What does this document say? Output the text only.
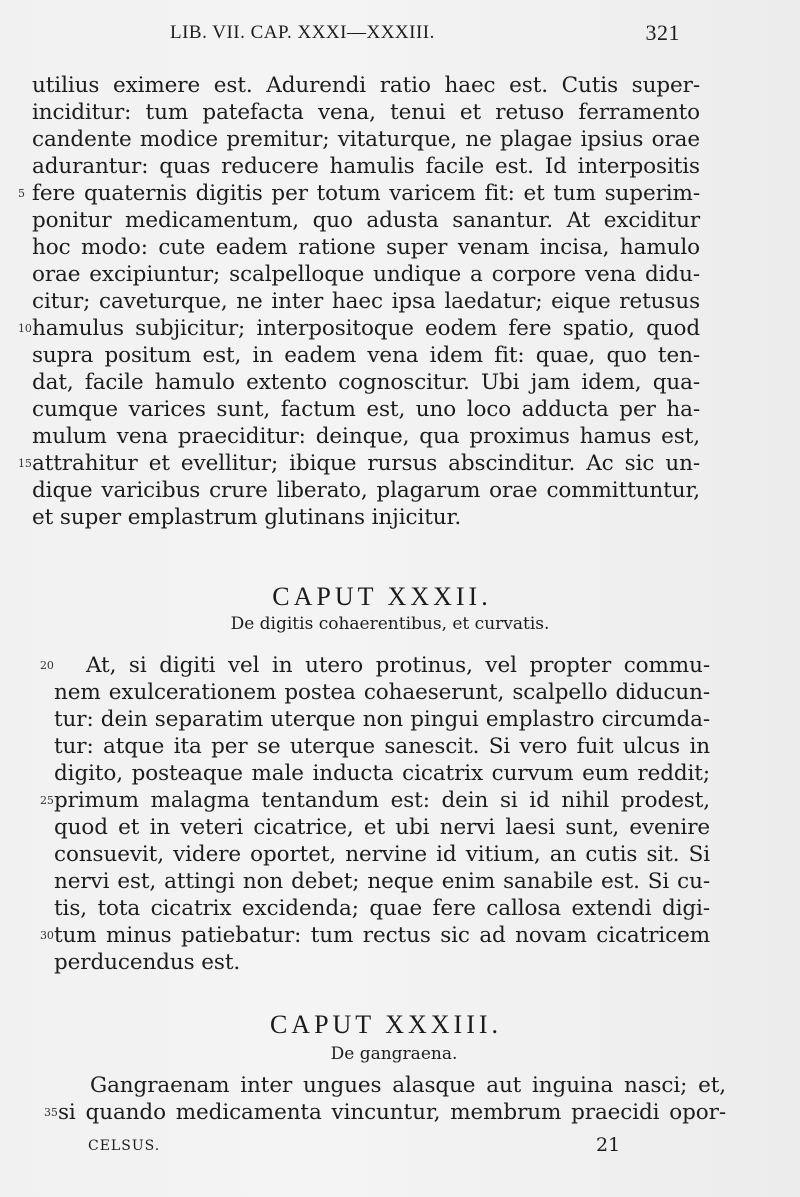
LIB. VII. CAP. XXXI—XXXIII.	321
utilius eximere est. Adurendi ratio haec est. Cutis super-
inciditur: tum patefacta vena, tenui et retuso ferramento
candente modice premitur; vitaturque, ne plagae ipsius orae
adurantur: quas reducere hamulis facile est. Id interpositis
5 fere quaternis digitis per totum varicem fit: et tum superim-
ponitur medicamentum, quo adusta sanantur. At exciditur
hoc modo: cute eadem ratione super venam incisa, hamulo
orae excipiuntur; scalpelloque undique a corpore vena didu-
citur; caveturque, ne inter haec ipsa laedatur; eique retusus
10 hamulus subjicitur; interpositoque eodem fere spatio, quod
supra positum est, in eadem vena idem fit: quae, quo ten-
dat, facile hamulo extento cognoscitur. Ubi jam idem, qua-
cumque varices sunt, factum est, uno loco adducta per ha-
mulum vena praeciditur: deinque, qua proximus hamus est,
15 attrahitur et evellitur; ibique rursus abscinditur. Ac sic un-
dique varicibus crure liberato, plagarum orae committuntur,
et super emplastrum glutinans injicitur.
CAPUT XXXII.
De digitis cohaerentibus, et curvatis.
20 At, si digiti vel in utero protinus, vel propter commu-
nem exulcerationem postea cohaeserunt, scalpello diducun-
tur: dein separatim uterque non pingui emplastro circumda-
tur: atque ita per se uterque sanescit. Si vero fuit ulcus in
digito, posteaque male inducta cicatrix curvum eum reddit;
25 primum malagma tentandum est: dein si id nihil prodest,
quod et in veteri cicatrice, et ubi nervi laesi sunt, evenire
consuevit, videre oportet, nervine id vitium, an cutis sit. Si
nervi est, attingi non debet; neque enim sanabile est. Si cu-
tis, tota cicatrix excidenda; quae fere callosa extendi digi-
30 tum minus patiebatur: tum rectus sic ad novam cicatricem
perducendus est.
CAPUT XXXIII.
De gangraena.
Gangraenam inter ungues alasque aut inguina nasci; et,
35 si quando medicamenta vincuntur, membrum praecidi opor-
CELSUS.	21
